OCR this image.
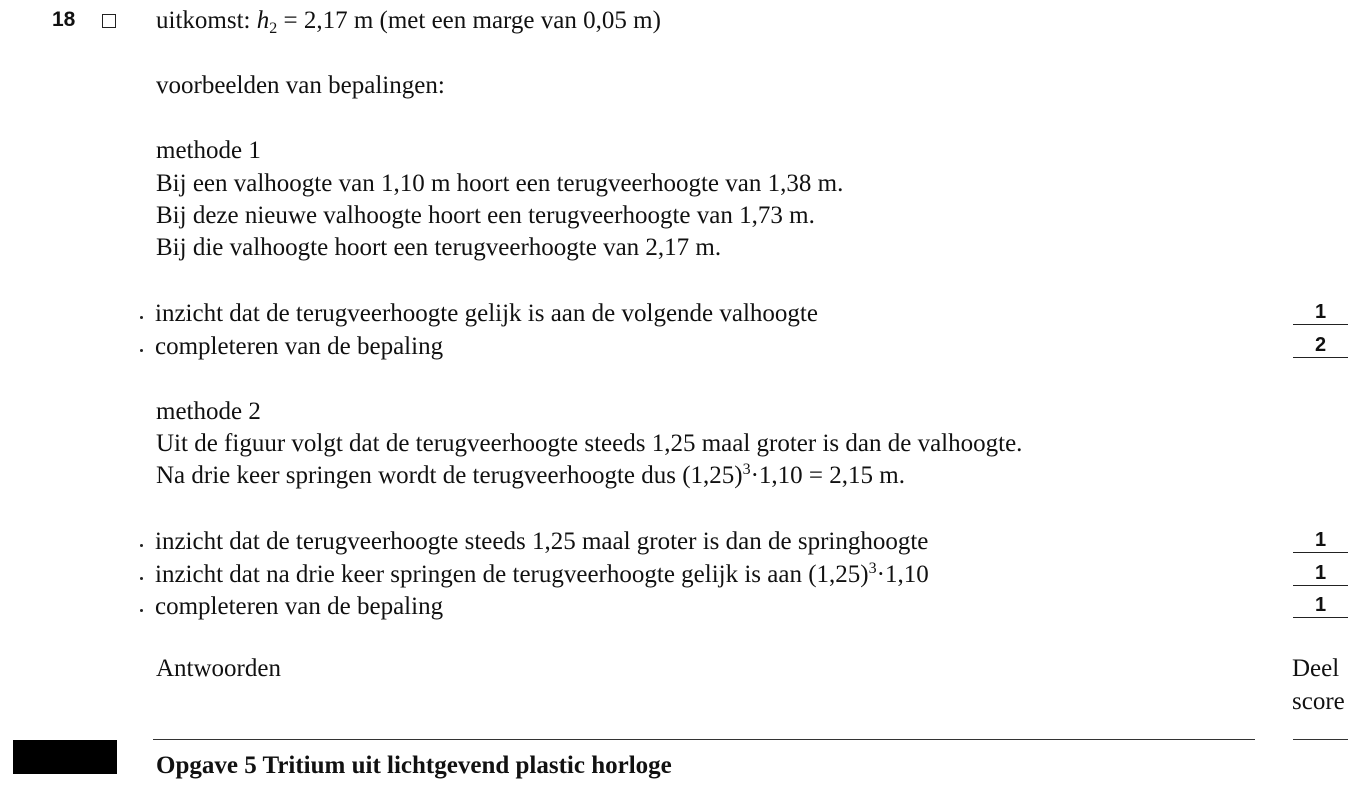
18	uitkomst: $h_2 = 2,17$ m (met een marge van 0,05 m)
voorbeelden van bepalingen:
methode 1
Bij een valhoogte van 1,10 m hoort een terugveerhoogte van 1,38 m.
Bij deze nieuwe valhoogte hoort een terugveerhoogte van 1,73 m.
Bij die valhoogte hoort een terugveerhoogte van 2,17 m.
inzicht dat de terugveerhoogte gelijk is aan de volgende valhoogte	1
completeren van de bepaling	2
methode 2
Uit de figuur volgt dat de terugveerhoogte steeds 1,25 maal groter is dan de valhoogte.
Na drie keer springen wordt de terugveerhoogte dus $(1,25)^3\cdot 1,10 = 2,15$ m.
inzicht dat de terugveerhoogte steeds 1,25 maal groter is dan de springhoogte	1
inzicht dat na drie keer springen de terugveerhoogte gelijk is aan $(1,25)^3\cdot 1,10$	1
completeren van de bepaling	1
Antwoorden	Deel
score
Opgave 5 Tritium uit lichtgevend plastic horloge
